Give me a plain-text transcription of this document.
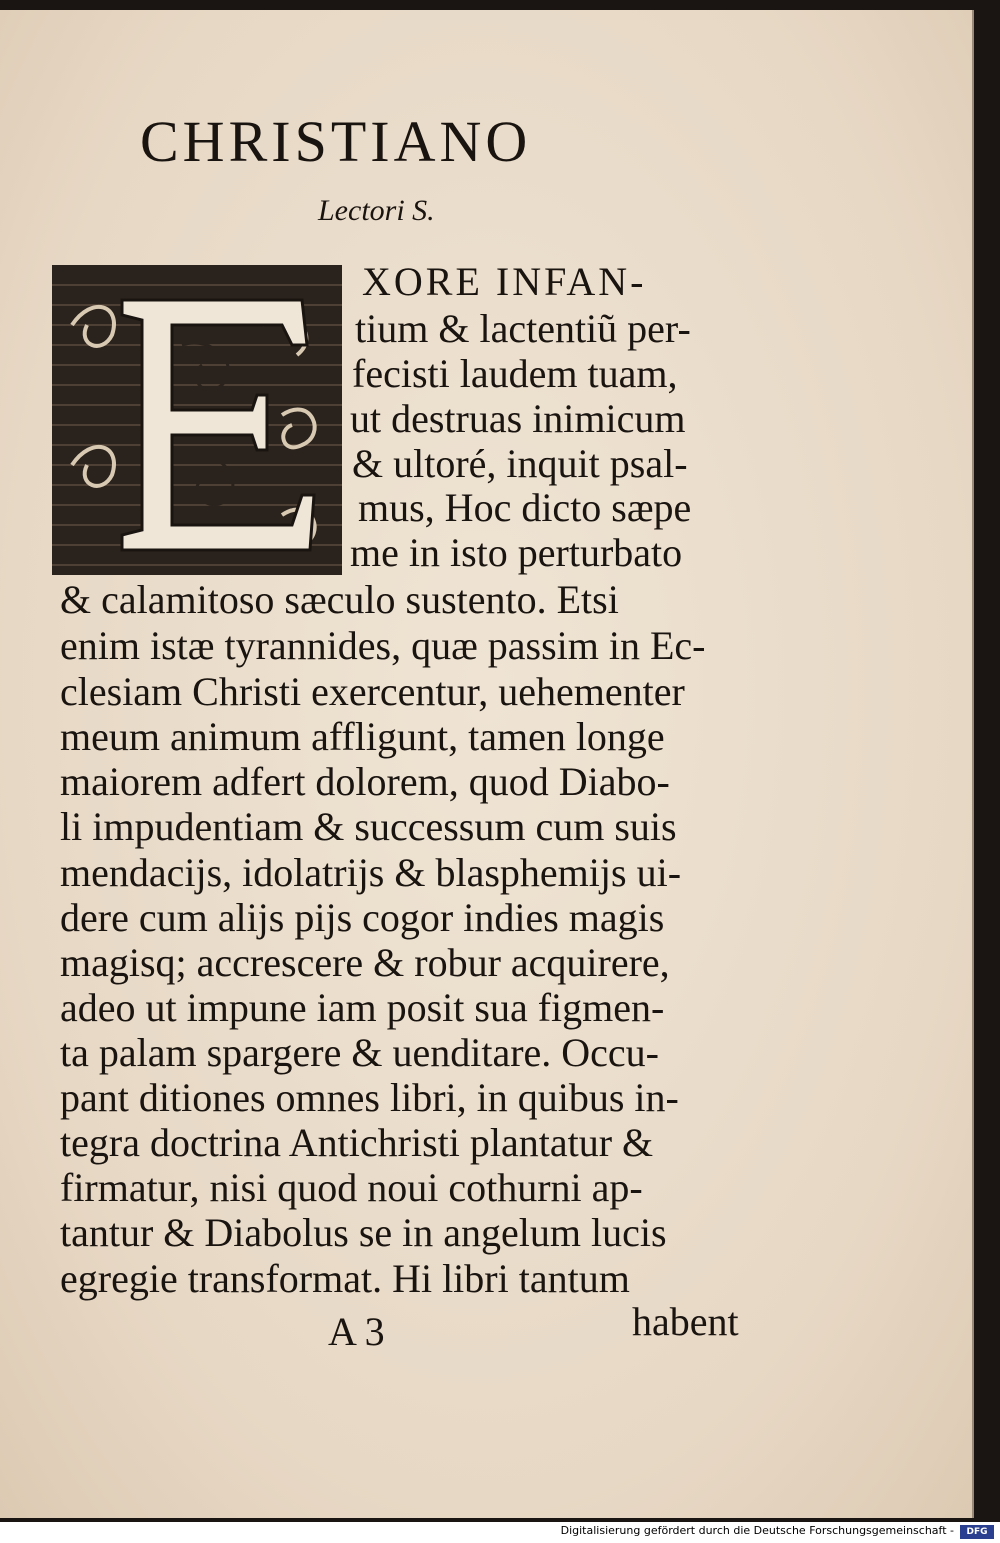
CHRISTIANO
Lectori S.
XORE INFAN-
tium & lactentiũ per-
fecisti laudem tuam,
ut destruas inimicum
& ultoré, inquit psal-
mus, Hoc dicto sæpe
me in isto perturbato
& calamitoso sæculo sustento. Etsi
enim istæ tyrannides, quæ passim in Ec-
clesiam Christi exercentur, uehementer
meum animum affligunt, tamen longe
maiorem adfert dolorem, quod Diabo-
li impudentiam & successum cum suis
mendacijs, idolatrijs & blasphemijs ui-
dere cum alijs pijs cogor indies magis
magisq; accrescere & robur acquirere,
adeo ut impune iam posit sua figmen-
ta palam spargere & uenditare. Occu-
pant ditiones omnes libri, in quibus in-
tegra doctrina Antichristi plantatur &
firmatur, nisi quod noui cothurni ap-
tantur & Diabolus se in angelum lucis
egregie transformat. Hi libri tantum
A 3	habent
Digitalisierung gefördert durch die Deutsche Forschungsgemeinschaft -	DFG
